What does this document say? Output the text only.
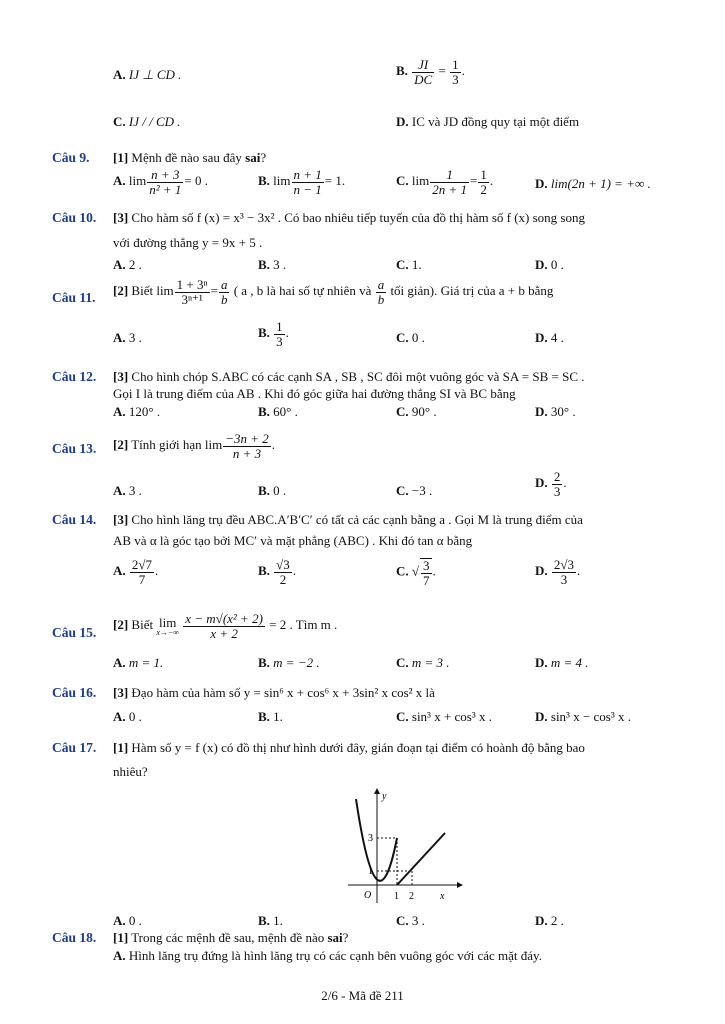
A. IJ ⊥ CD .	B. $\frac{JI}{DC} = \frac{1}{3}$ .
C. IJ / / CD .	D. IC và JD đồng quy tại một điểm
Câu 9. [1] Mệnh đề nào sau đây sai?
A. $\lim \frac{n + 3}{\text{n² + 1}} = 0$ .	B. $\lim \frac{n + 1}{n - 1} = 1$.	C. $\lim \frac{1}{2n + 1} = \frac{1}{2}$ .	D. lim(2n + 1) = +∞ .
Câu 10. [3] Cho hàm số f (x) = x³ − 3x² . Có bao nhiêu tiếp tuyến của đồ thị hàm số f (x) song song
với đường thẳng y = 9x + 5 .
A. 2 .	B. 3 .	C. 1.	D. 0 .
Câu 11. [2] Biết $\lim \frac{\text{1 + 3ⁿ}}{\text{3ⁿ⁺¹}} = \frac{a}{b}$ ( a , b là hai số tự nhiên và $\frac{a}{b}$ tối giản). Giá trị của a + b bằng
A. 3 .	B. $\frac{1}{3}$ .	C. 0 .	D. 4 .
Câu 12. [3] Cho hình chóp S.ABC có các cạnh SA , SB , SC đôi một vuông góc và SA = SB = SC .
Gọi I là trung điểm của AB . Khi đó góc giữa hai đường thẳng SI và BC bằng
A. 120° .	B. 60° .	C. 90° .	D. 30° .
Câu 13. [2] Tính giới hạn $\lim \frac{-3n + 2}{n + 3}$ .
A. 3 .	B. 0 .	C. −3 .
D. $\frac{2}{3}$ .
Câu 14. [3] Cho hình lăng trụ đều ABC.A′B′C′ có tất cả các cạnh bằng a . Gọi M là trung điểm của
AB và α là góc tạo bởi MC′ và mặt phẳng (ABC) . Khi đó tan α bằng
A. $\frac{2√7}{7}$ .	B. $\frac{√3}{2}$ .	C. √ $\frac{3}{7}$ .	D. $\frac{2√3}{3}$ .
Câu 15.
[2] Biết lim
x→−∞
$\frac{\text{x − m√(x² + 2)}}{x + 2} = 2$ . Tìm m .
A. m = 1.	B. m = −2 .	C. m = 3 .	D. m = 4 .
Câu 16. [3] Đạo hàm của hàm số y = sin⁶ x + cos⁶ x + 3sin² x cos² x là
A. 0 .	B. 1.	C. sin³ x + cos³ x .	D. sin³ x − cos³ x .
Câu 17. [1] Hàm số y = f (x) có đồ thị như hình dưới đây, gián đoạn tại điểm có hoành độ bằng bao
nhiêu?
y
x
O
3
1
1 2
A. 0 .	B. 1.	C. 3 .	D. 2 .
Câu 18. [1] Trong các mệnh đề sau, mệnh đề nào sai?
A. Hình lăng trụ đứng là hình lăng trụ có các cạnh bên vuông góc với các mặt đáy.
2/6 - Mã đề 211
